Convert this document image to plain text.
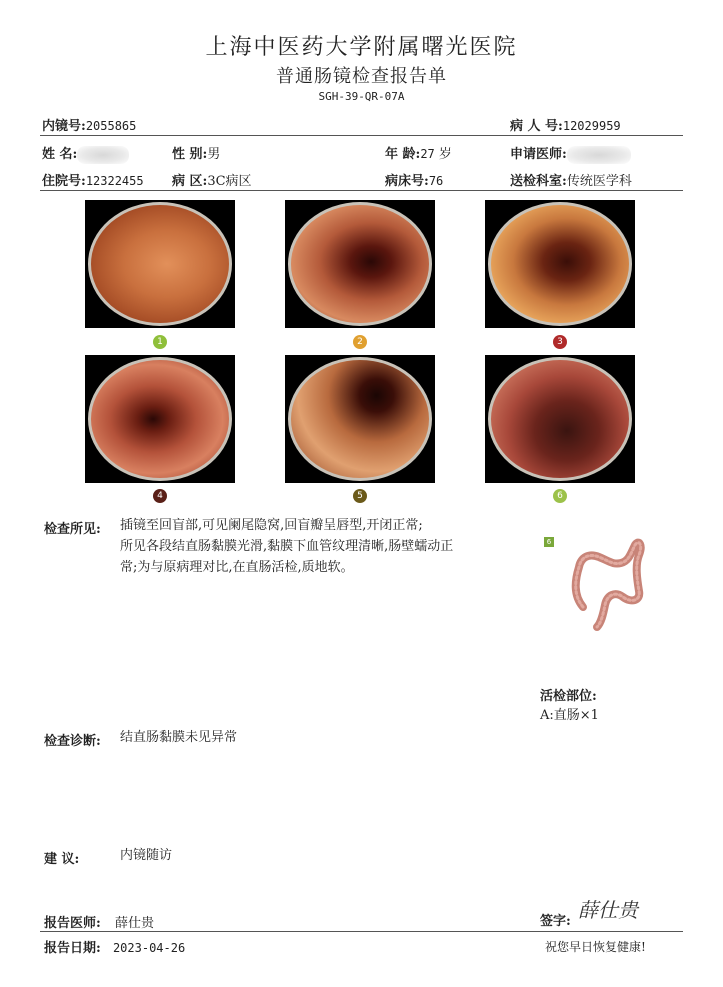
上海中医药大学附属曙光医院
普通肠镜检查报告单
SGH-39-QR-07A
内镜号:2055865	病 人 号:12029959
姓 名:	性 别:男	年 龄:27 岁	申请医师:
住院号:12322455 病 区:3C病区	病床号:76	送检科室:传统医学科
1	2	3
4	5	6
检查所见: 插镜至回盲部,可见阑尾隐窝,回盲瓣呈唇型,开闭正常;
所见各段结直肠黏膜光滑,黏膜下血管纹理清晰,肠壁蠕动正
常;为与原病理对比,在直肠活检,质地软。
6
活检部位:
A:直肠×1
检查诊断: 结直肠黏膜未见异常
建 议:	内镜随访
报告医师: 薛仕贵	签字: 薛仕贵
报告日期: 2023-04-26	祝您早日恢复健康!
